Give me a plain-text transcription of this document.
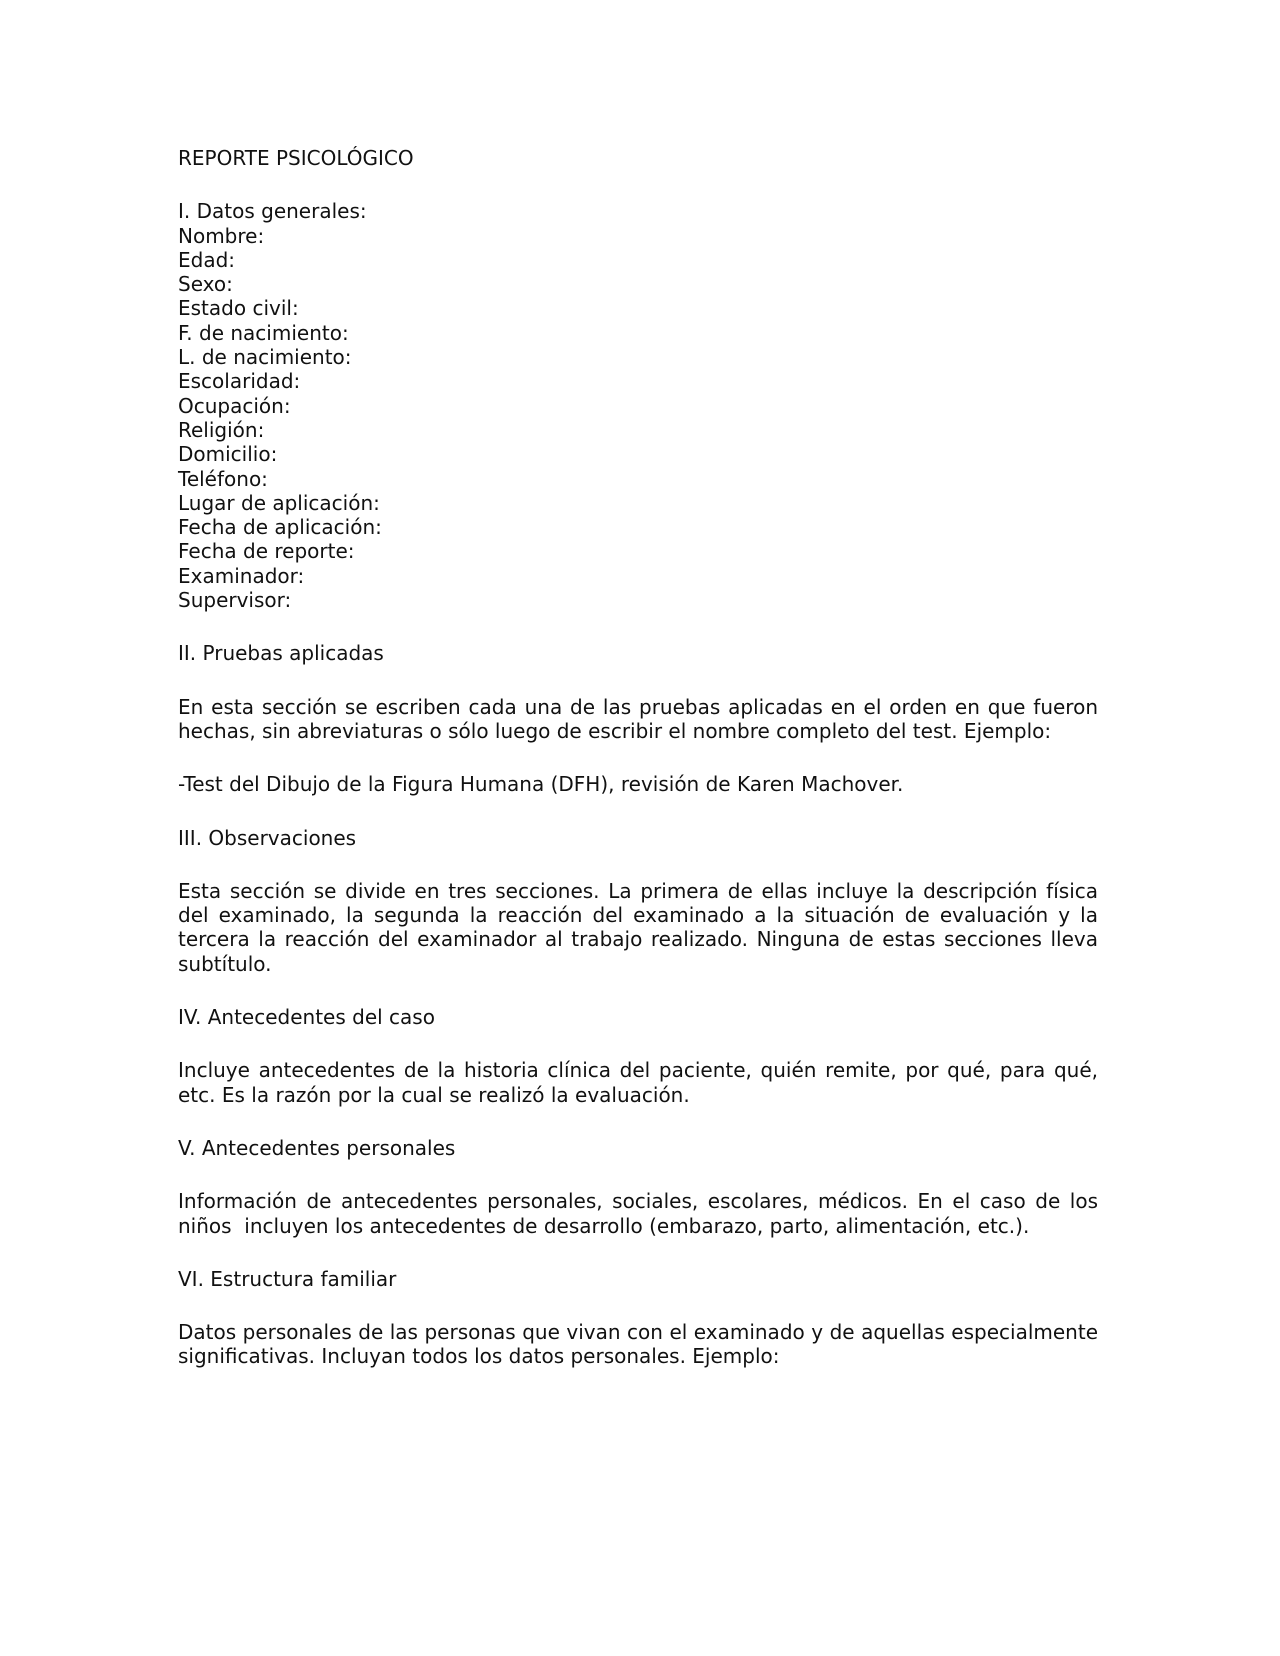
REPORTE PSICOLÓGICO

I. Datos generales:

Nombre:
Edad:
Sexo:
Estado civil:
F. de nacimiento:
L. de nacimiento:
Escolaridad:
Ocupación:
Religión:
Domicilio:
Teléfono:
Lugar de aplicación:
Fecha de aplicación:
Fecha de reporte:
Examinador:
Supervisor:

II. Pruebas aplicadas

En esta sección se escriben cada una de las pruebas aplicadas en el orden en que fueron hechas, sin abreviaturas o sólo luego de escribir el nombre completo del test. Ejemplo:

-Test del Dibujo de la Figura Humana (DFH), revisión de Karen Machover.

III. Observaciones

Esta sección se divide en tres secciones. La primera de ellas incluye la descripción física del examinado, la segunda la reacción del examinado a la situación de evaluación y la tercera la reacción del examinador al trabajo realizado. Ninguna de estas secciones lleva subtítulo.

IV. Antecedentes del caso

Incluye antecedentes de la historia clínica del paciente, quién remite, por qué, para qué, etc. Es la razón por la cual se realizó la evaluación.

V. Antecedentes personales

Información de antecedentes personales, sociales, escolares, médicos. En el caso de los niños  incluyen los antecedentes de desarrollo (embarazo, parto, alimentación, etc.).

VI. Estructura familiar

Datos personales de las personas que vivan con el examinado y de aquellas especialmente significativas. Incluyan todos los datos personales. Ejemplo:
